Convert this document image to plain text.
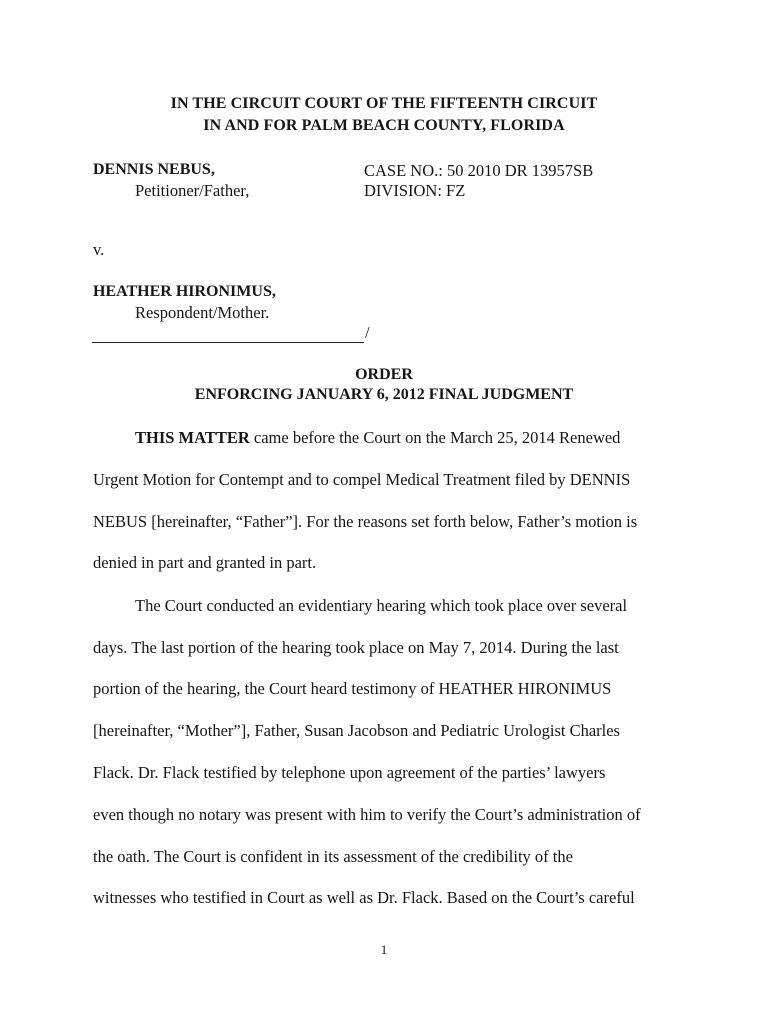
IN THE CIRCUIT COURT OF THE FIFTEENTH CIRCUIT
IN AND FOR PALM BEACH COUNTY, FLORIDA
DENNIS NEBUS,
Petitioner/Father,
CASE NO.: 50 2010 DR 13957SB
DIVISION: FZ
v.
HEATHER HIRONIMUS,
Respondent/Mother.
/
ORDER
ENFORCING JANUARY 6, 2012 FINAL JUDGMENT
THIS MATTER came before the Court on the March 25, 2014 Renewed
Urgent Motion for Contempt and to compel Medical Treatment filed by DENNIS
NEBUS [hereinafter, “Father”]. For the reasons set forth below, Father’s motion is
denied in part and granted in part.
The Court conducted an evidentiary hearing which took place over several
days. The last portion of the hearing took place on May 7, 2014. During the last
portion of the hearing, the Court heard testimony of HEATHER HIRONIMUS
[hereinafter, “Mother”], Father, Susan Jacobson and Pediatric Urologist Charles
Flack. Dr. Flack testified by telephone upon agreement of the parties’ lawyers
even though no notary was present with him to verify the Court’s administration of
the oath. The Court is confident in its assessment of the credibility of the
witnesses who testified in Court as well as Dr. Flack. Based on the Court’s careful
1
